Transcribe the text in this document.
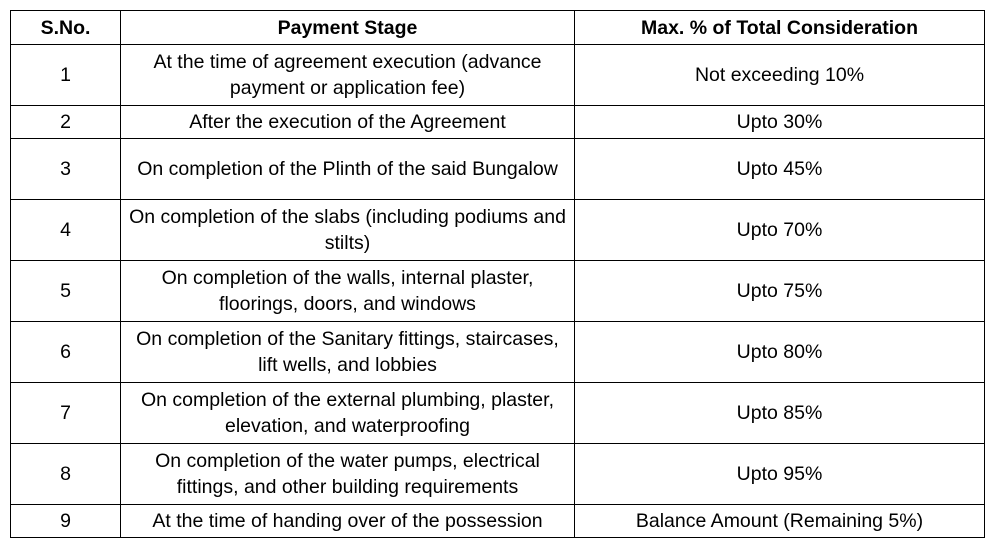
S.No.	Payment Stage	Max. % of Total Consideration
1	At the time of agreement execution (advance payment or application fee)	Not exceeding 10%
2	After the execution of the Agreement	Upto 30%
3	On completion of the Plinth of the said Bungalow	Upto 45%
4	On completion of the slabs (including podiums and stilts)	Upto 70%
5	On completion of the walls, internal plaster, floorings, doors, and windows	Upto 75%
6	On completion of the Sanitary fittings, staircases, lift wells, and lobbies	Upto 80%
7	On completion of the external plumbing, plaster, elevation, and waterproofing	Upto 85%
8	On completion of the water pumps, electrical fittings, and other building requirements	Upto 95%
9	At the time of handing over of the possession	Balance Amount (Remaining 5%)
